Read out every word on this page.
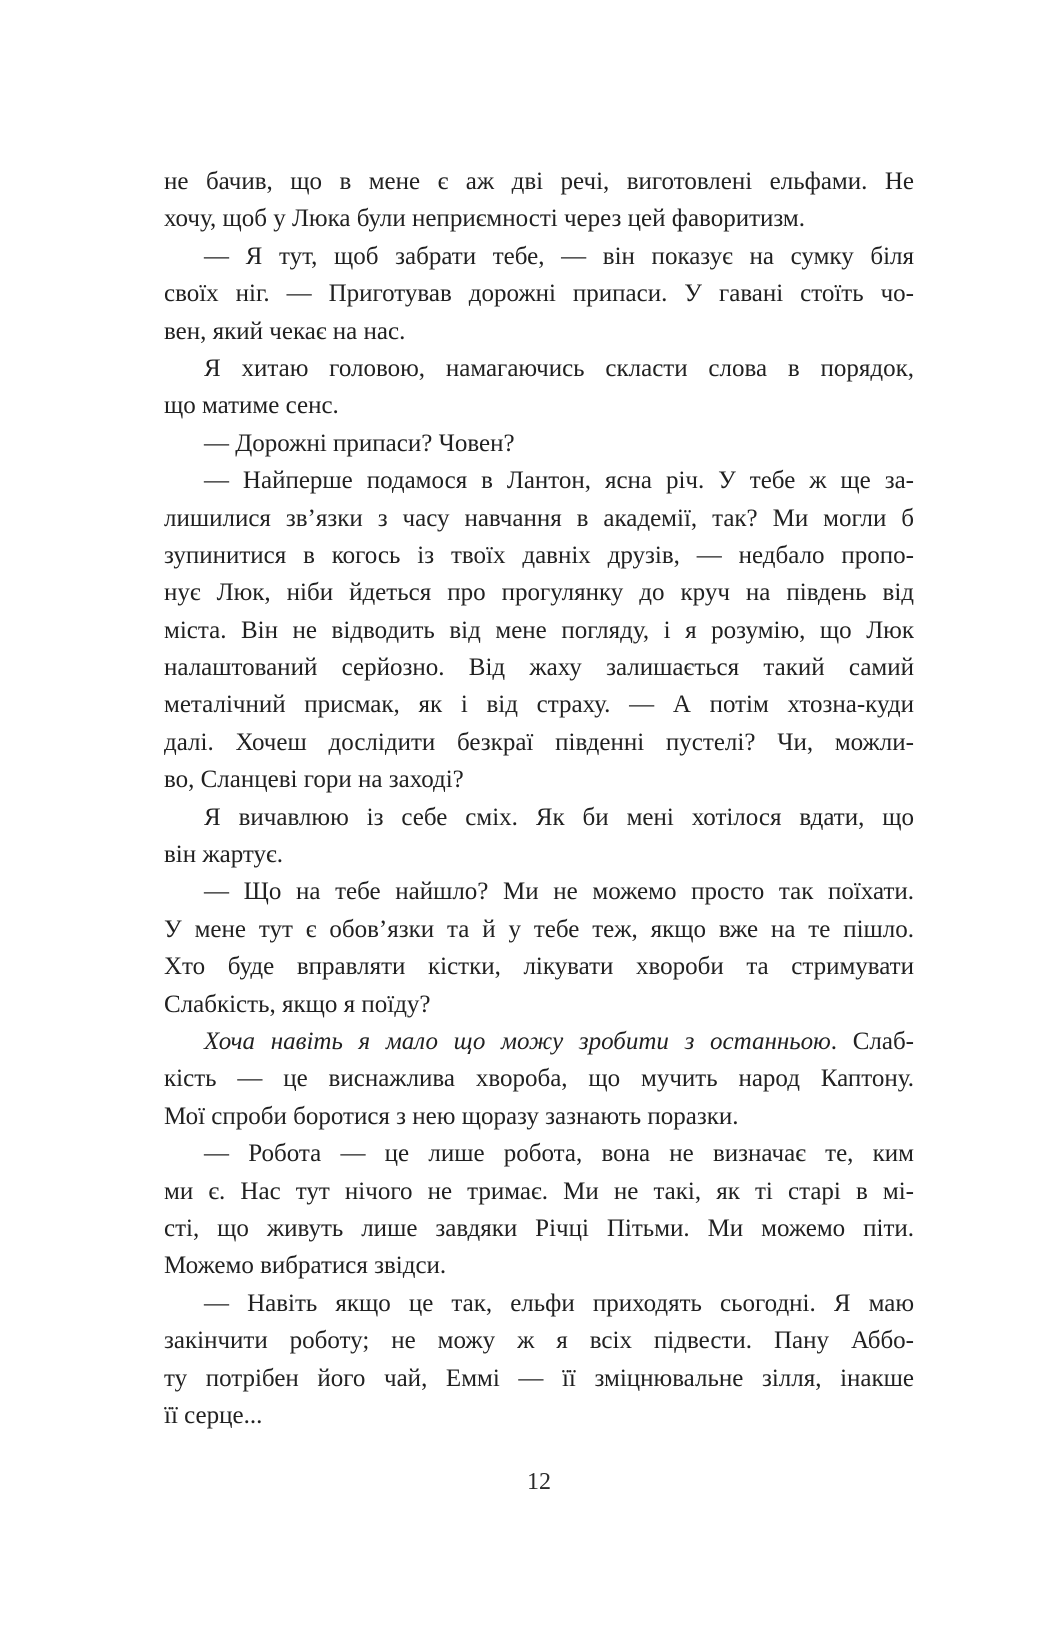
не бачив, що в мене є аж дві речі, виготовлені ельфами. Не
хочу, щоб у Люка були неприємності через цей фаворитизм.
— Я тут, щоб забрати тебе, — він показує на сумку біля
своїх ніг. — Приготував дорожні припаси. У гавані стоїть чо-
вен, який чекає на нас.
Я хитаю головою, намагаючись скласти слова в порядок,
що матиме сенс.
— Дорожні припаси? Човен?
— Найперше подамося в Лантон, ясна річ. У тебе ж ще за-
лишилися зв’язки з часу навчання в академії, так? Ми могли б
зупинитися в когось із твоїх давніх друзів, — недбало пропо-
нує Люк, ніби йдеться про прогулянку до круч на південь від
міста. Він не відводить від мене погляду, і я розумію, що Люк
налаштований серйозно. Від жаху залишається такий самий
металічний присмак, як і від страху. — А потім хтозна-куди
далі. Хочеш дослідити безкраї південні пустелі? Чи, можли-
во, Сланцеві гори на заході?
Я вичавлюю із себе сміх. Як би мені хотілося вдати, що
він жартує.
— Що на тебе найшло? Ми не можемо просто так поїхати.
У мене тут є обов’язки та й у тебе теж, якщо вже на те пішло.
Хто буде вправляти кістки, лікувати хвороби та стримувати
Слабкість, якщо я поїду?
Хоча навіть я мало що можу зробити з останньою. Слаб-
кість — це виснажлива хвороба, що мучить народ Каптону.
Мої спроби боротися з нею щоразу зазнають поразки.
— Робота — це лише робота, вона не визначає те, ким
ми є. Нас тут нічого не тримає. Ми не такі, як ті старі в мі-
сті, що живуть лише завдяки Річці Пітьми. Ми можемо піти.
Можемо вибратися звідси.
— Навіть якщо це так, ельфи приходять сьогодні. Я маю
закінчити роботу; не можу ж я всіх підвести. Пану Аббо-
ту потрібен його чай, Еммі — її зміцнювальне зілля, інакше
її серце...
12
